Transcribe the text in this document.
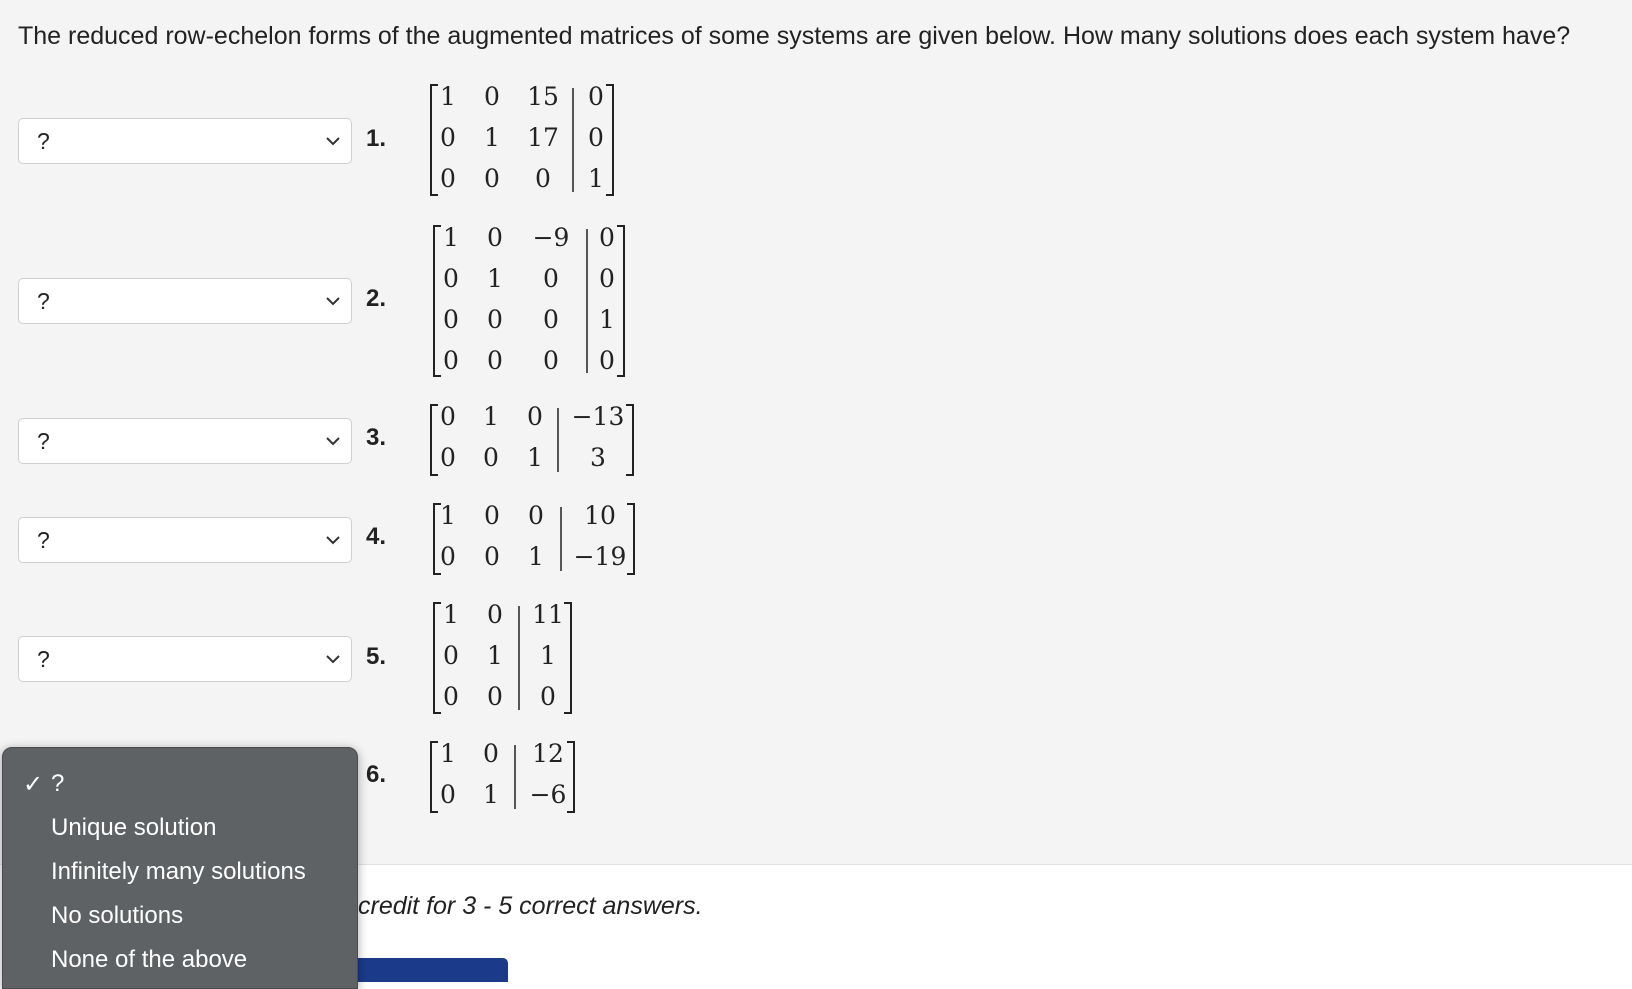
The reduced row-echelon forms of the augmented matrices of some systems are given below. How many solutions does each system have?
?	1.
1	0	15	0
0	1	17	0
0	0	0	1
?	2.
1	0	−9	0
0	1	0	0
0	0	0	1
0	0	0	0
?	3.
0	1	0	−13
0	0	1	3
?	4.
1	0	0	10
0	0	1	−19
?	5.
1	0	11
0	1	1
0	0	0
6.
1	0	12
0	1	−6
credit for 3 - 5 correct answers.
✓ ?
Unique solution
Infinitely many solutions
No solutions
None of the above
